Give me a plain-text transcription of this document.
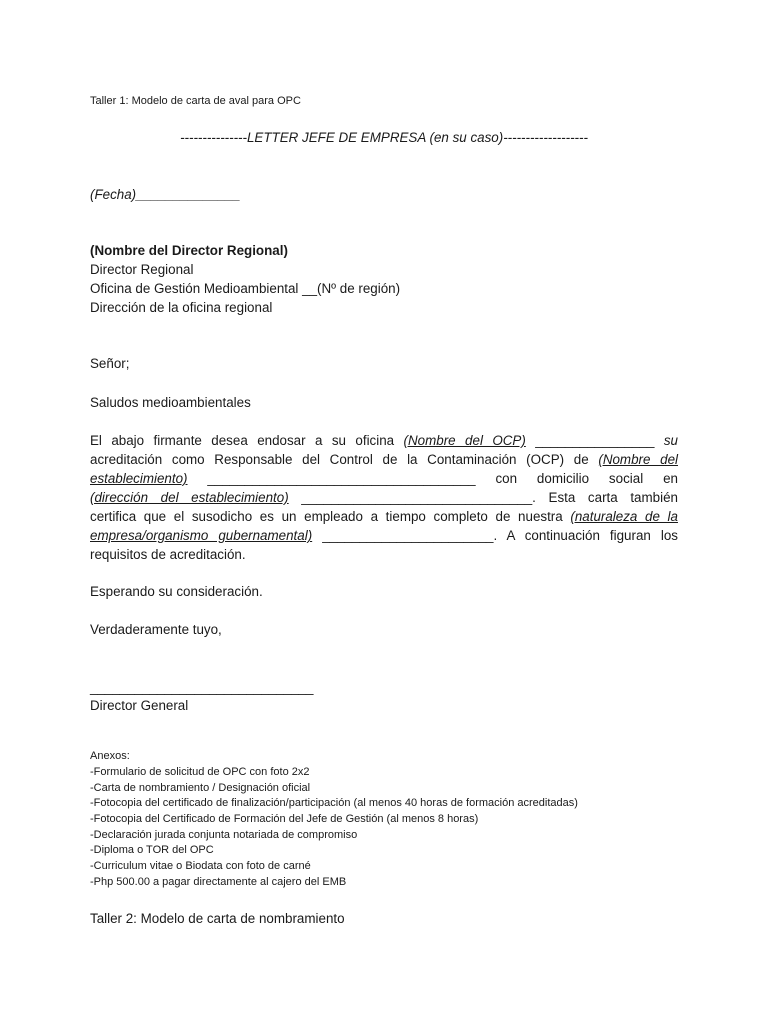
Taller 1: Modelo de carta de aval para OPC
---------------LETTER JEFE DE EMPRESA (en su caso)-------------------
(Fecha)______________
(Nombre del Director Regional)
Director Regional
Oficina de Gestión Medioambiental __(Nº de región)
Dirección de la oficina regional
Señor;
Saludos medioambientales
El abajo firmante desea endosar a su oficina (Nombre del OCP) ________________ su
acreditación como Responsable del Control de la Contaminación (OCP) de (Nombre del
establecimiento) ____________________________________ con domicilio social en
(dirección del establecimiento) _______________________________. Esta carta también
certifica que el susodicho es un empleado a tiempo completo de nuestra (naturaleza de la
empresa/organismo gubernamental) _______________________. A continuación figuran los
requisitos de acreditación.
Esperando su consideración.
Verdaderamente tuyo,
______________________________
Director General
Anexos:
-Formulario de solicitud de OPC con foto 2x2
-Carta de nombramiento / Designación oficial
-Fotocopia del certificado de finalización/participación (al menos 40 horas de formación acreditadas)
-Fotocopia del Certificado de Formación del Jefe de Gestión (al menos 8 horas)
-Declaración jurada conjunta notariada de compromiso
-Diploma o TOR del OPC
-Curriculum vitae o Biodata con foto de carné
-Php 500.00 a pagar directamente al cajero del EMB
Taller 2: Modelo de carta de nombramiento
